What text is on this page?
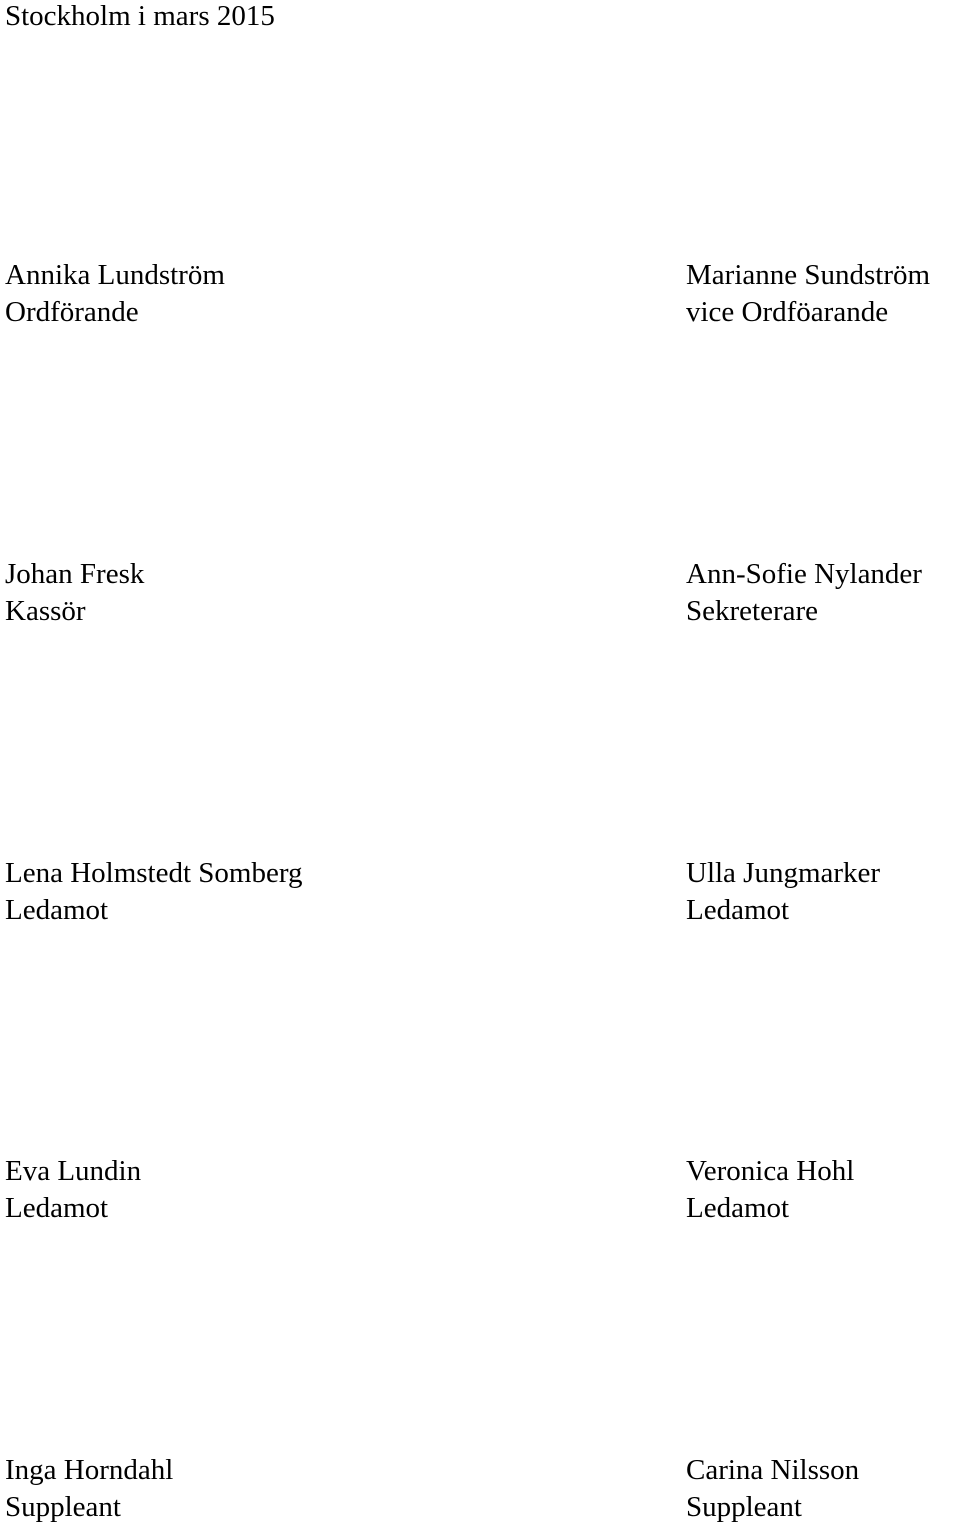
Stockholm i mars 2015
Annika Lundström
Ordförande
Marianne Sundström
vice Ordföarande
Johan Fresk
Kassör
Ann-Sofie Nylander
Sekreterare
Lena Holmstedt Somberg
Ledamot
Ulla Jungmarker
Ledamot
Eva Lundin
Ledamot
Veronica Hohl
Ledamot
Inga Horndahl
Suppleant
Carina Nilsson
Suppleant
